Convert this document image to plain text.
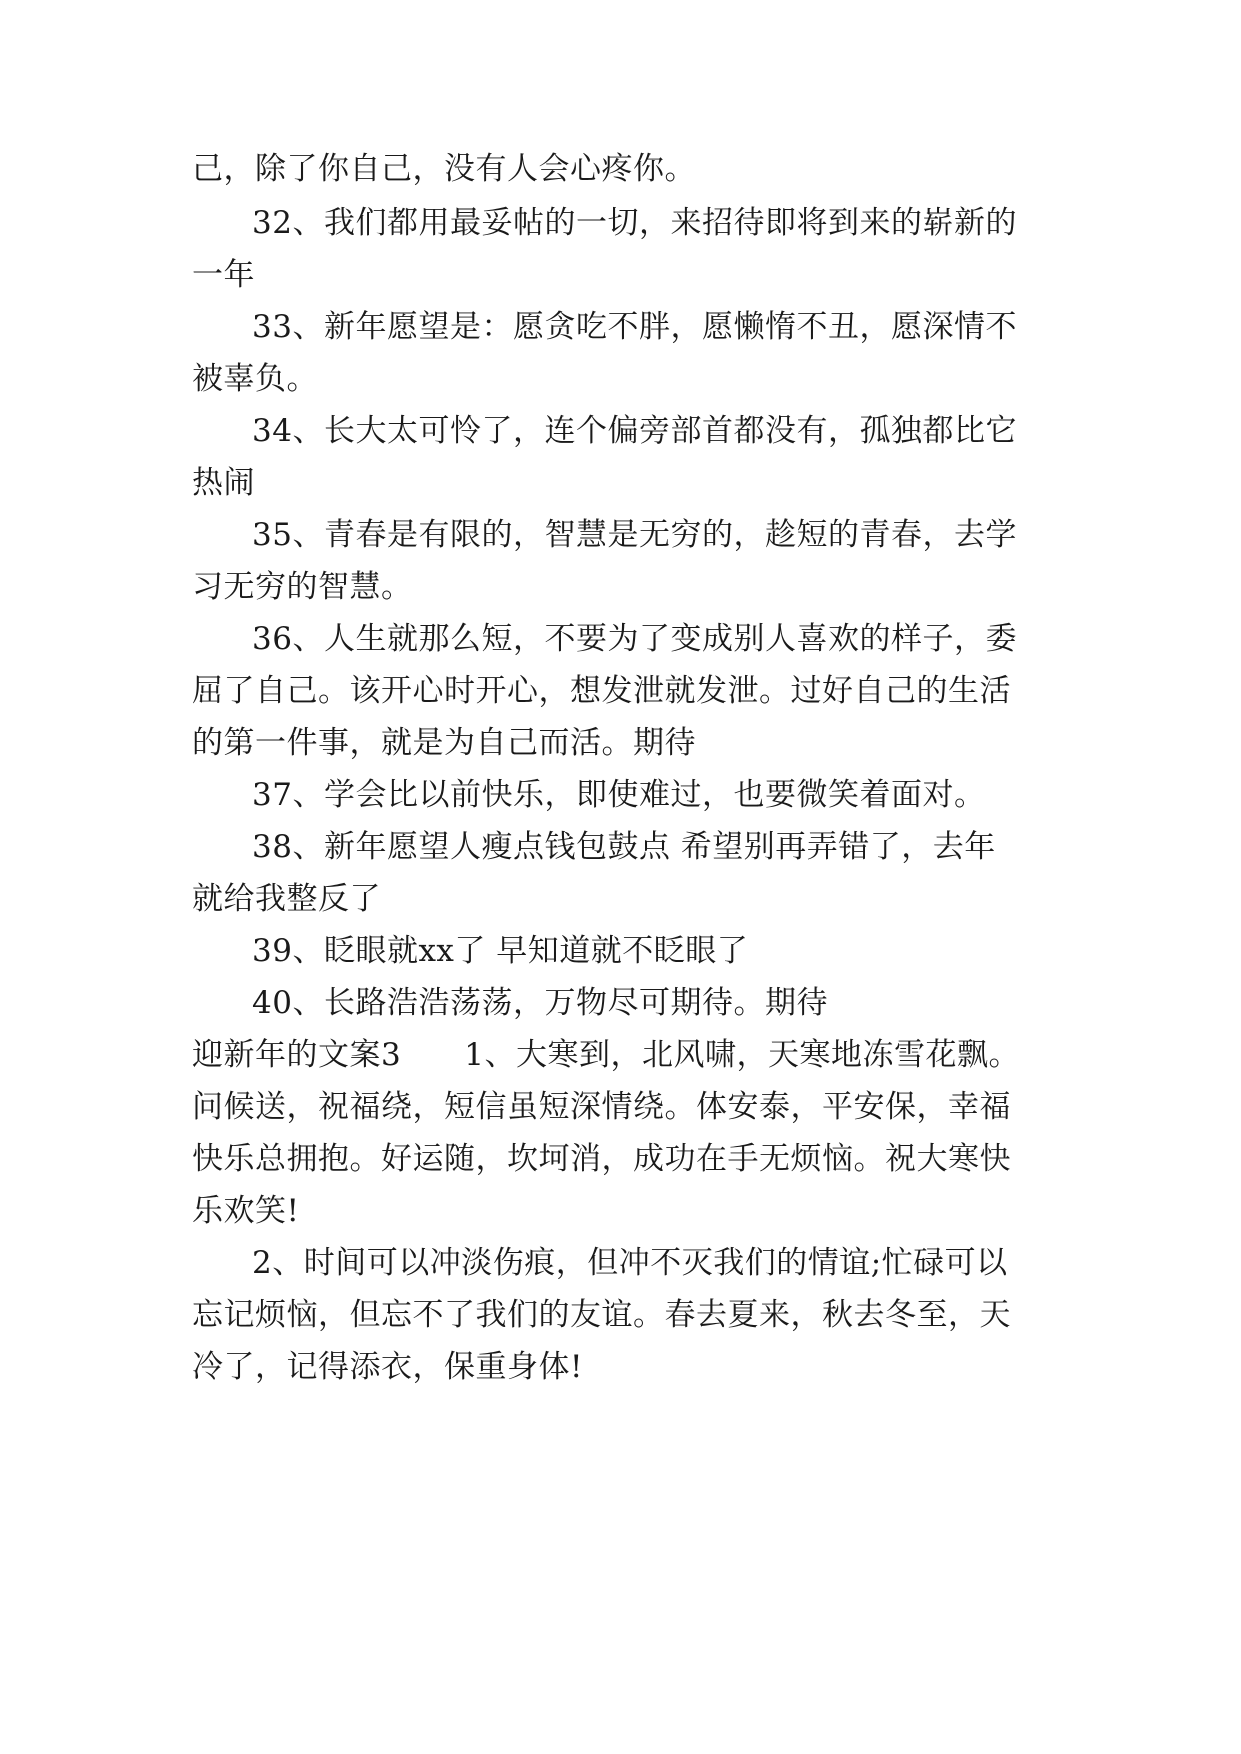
己，除了你自己，没有人会心疼你。
32、我们都用最妥帖的一切，来招待即将到来的崭新的
一年
33、新年愿望是：愿贪吃不胖，愿懒惰不丑，愿深情不
被辜负。
34、长大太可怜了，连个偏旁部首都没有，孤独都比它
热闹
35、青春是有限的，智慧是无穷的，趁短的青春，去学
习无穷的智慧。
36、人生就那么短，不要为了变成别人喜欢的样子，委
屈了自己。该开心时开心，想发泄就发泄。过好自己的生活
的第一件事，就是为自己而活。期待
37、学会比以前快乐，即使难过，也要微笑着面对。
38、新年愿望人瘦点钱包鼓点 希望别再弄错了，去年
就给我整反了
39、眨眼就xx了 早知道就不眨眼了
40、长路浩浩荡荡，万物尽可期待。期待
迎新年的文案3　　1、大寒到，北风啸，天寒地冻雪花飘。
问候送，祝福绕，短信虽短深情绕。体安泰，平安保，幸福
快乐总拥抱。好运随，坎坷消，成功在手无烦恼。祝大寒快
乐欢笑!
2、时间可以冲淡伤痕，但冲不灭我们的情谊;忙碌可以
忘记烦恼，但忘不了我们的友谊。春去夏来，秋去冬至，天
冷了，记得添衣，保重身体!
